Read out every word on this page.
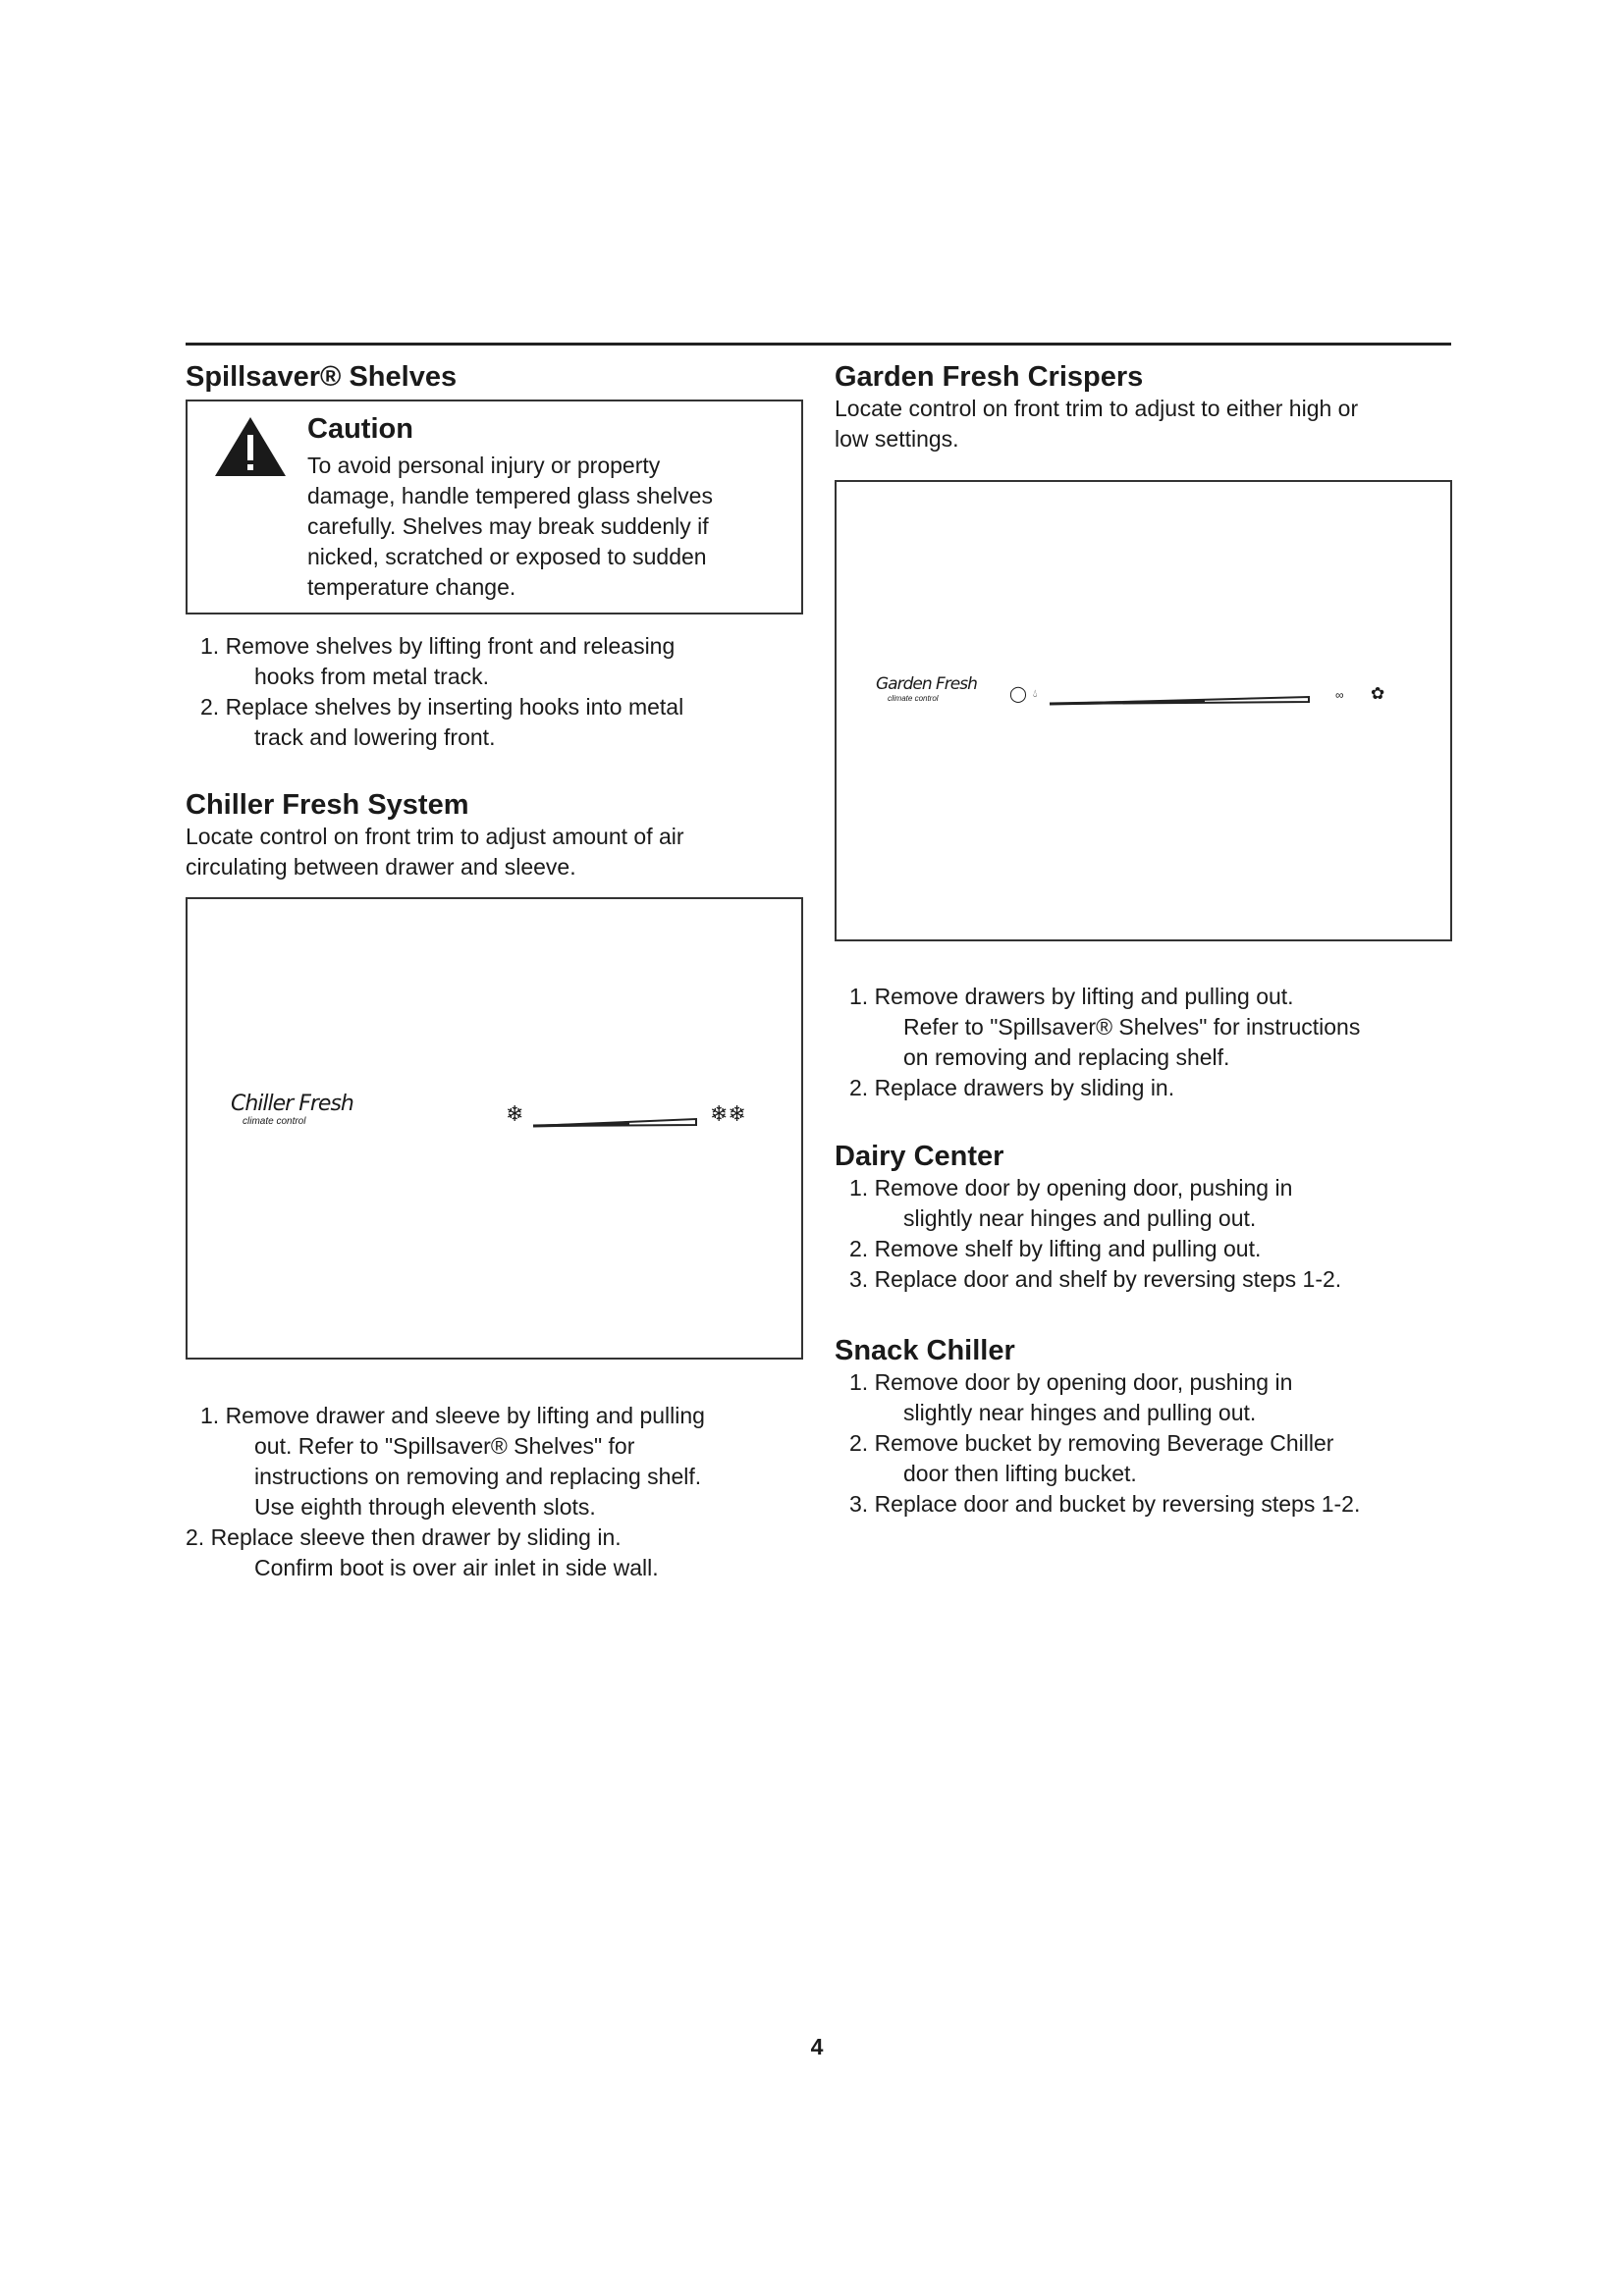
Spillsaver® Shelves
Caution
To avoid personal injury or property
damage, handle tempered glass shelves
carefully. Shelves may break suddenly if
nicked, scratched or exposed to sudden
temperature change.
1. Remove shelves by lifting front and releasing
hooks from metal track.
2. Replace shelves by inserting hooks into metal
track and lowering front.
Chiller Fresh System

Locate control on front trim to adjust amount of air

circulating between drawer and sleeve.

Chiller Fresh
climate control	❄	❄❄
1. Remove drawer and sleeve by lifting and pulling
out. Refer to "Spillsaver® Shelves" for
instructions on removing and replacing shelf.
Use eighth through eleventh slots.
2. Replace sleeve then drawer by sliding in.
Confirm boot is over air inlet in side wall.
Garden Fresh Crispers

Locate control on front trim to adjust to either high or

low settings.

Garden Fresh
climate control	◯ 💧︎	∞ ✿
1. Remove drawers by lifting and pulling out.
Refer to "Spillsaver® Shelves" for instructions
on removing and replacing shelf.
2. Replace drawers by sliding in.
Dairy Center
1. Remove door by opening door, pushing in
slightly near hinges and pulling out.
2. Remove shelf by lifting and pulling out.
3. Replace door and shelf by reversing steps 1-2.
Snack Chiller
1. Remove door by opening door, pushing in
slightly near hinges and pulling out.
2. Remove bucket by removing Beverage Chiller
door then lifting bucket.
3. Replace door and bucket by reversing steps 1-2.
4
